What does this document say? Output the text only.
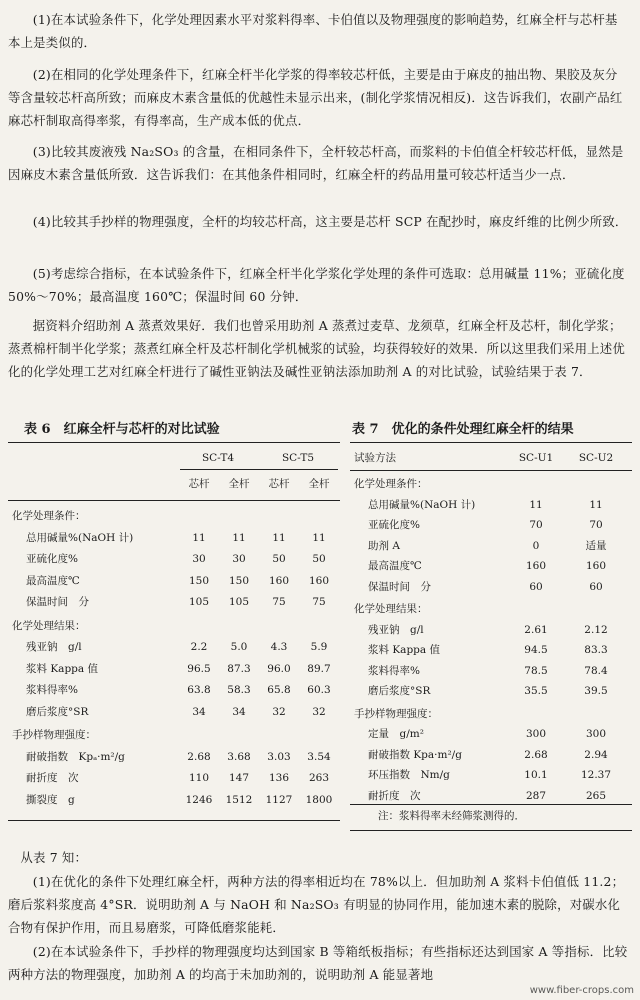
(1)在本试验条件下，化学处理因素水平对浆料得率、卡伯值以及物理强度的影响趋势，红麻全杆与芯杆基本上是类似的．

(2)在相同的化学处理条件下，红麻全杆半化学浆的得率较芯杆低，主要是由于麻皮的抽出物、果胶及灰分等含量较芯杆高所致；而麻皮木素含量低的优越性未显示出来，(制化学浆情况相反)．这告诉我们，农副产品红麻芯杆制取高得率浆，有得率高，生产成本低的优点．

(3)比较其废液残 Na₂SO₃ 的含量，在相同条件下，全杆较芯杆高，而浆料的卡伯值全杆较芯杆低，显然是因麻皮木素含量低所致．这告诉我们：在其他条件相同时，红麻全杆的药品用量可较芯杆适当少一点．

(4)比较其手抄样的物理强度，全杆的均较芯杆高，这主要是芯杆 SCP 在配抄时，麻皮纤维的比例少所致．

(5)考虑综合指标，在本试验条件下，红麻全杆半化学浆化学处理的条件可选取：总用碱量 11%；亚硫化度 50%～70%；最高温度 160℃；保温时间 60 分钟．

据资料介绍助剂 A 蒸煮效果好．我们也曾采用助剂 A 蒸煮过麦草、龙须草，红麻全杆及芯杆，制化学浆；蒸煮棉杆制半化学浆；蒸煮红麻全杆及芯杆制化学机械浆的试验，均获得较好的效果．所以这里我们采用上述优化的化学处理工艺对红麻全杆进行了碱性亚钠法及碱性亚钠法添加助剂 A 的对比试验，试验结果于表 7．

表 6　红麻全杆与芯杆的对比试验
SC-T4	SC-T5
芯杆	全杆	芯杆	全杆
化学处理条件：
总用碱量%(NaOH 计)	11	11	11	11
亚硫化度%	30	30	50	50
最高温度℃	150	150	160	160
保温时间　分	105	105	75	75
化学处理结果：
残亚钠　g/l	2.2	5.0	4.3	5.9
浆料 Kappa 值	96.5	87.3	96.0	89.7
浆料得率%	63.8	58.3	65.8	60.3
磨后浆度°SR	34	34	32	32
手抄样物理强度：
耐破指数　Kpₐ·m²/g	2.68	3.68	3.03	3.54
耐折度　次	110	147	136	263
撕裂度　g	1246	1512	1127	1800
表 7　优化的条件处理红麻全杆的结果
试验方法	SC-U1	SC-U2
化学处理条件：
总用碱量%(NaOH 计)	11	11
亚硫化度%	70	70
助剂 A	0	适量
最高温度℃	160	160
保温时间　分	60	60
化学处理结果：
残亚钠　g/l	2.61	2.12
浆料 Kappa 值	94.5	83.3
浆料得率%	78.5	78.4
磨后浆度°SR	35.5	39.5
手抄样物理强度：
定量　g/m²	300	300
耐破指数 Kpa·m²/g	2.68	2.94
环压指数　Nm/g	10.1	12.37
耐折度　次	287	265
注：浆料得率未经筛浆测得的．

从表 7 知：

(1)在优化的条件下处理红麻全杆，两种方法的得率相近均在 78%以上．但加助剂 A 浆料卡伯值低 11.2；磨后浆料浆度高 4°SR．说明助剂 A 与 NaOH 和 Na₂SO₃ 有明显的协同作用，能加速木素的脱除，对碳水化合物有保护作用，而且易磨浆，可降低磨浆能耗．

(2)在本试验条件下，手抄样的物理强度均达到国家 B 等箱纸板指标；有些指标还达到国家 A 等指标．比较两种方法的物理强度，加助剂 A 的均高于未加助剂的，说明助剂 A 能显著地

www.fiber-crops.com
